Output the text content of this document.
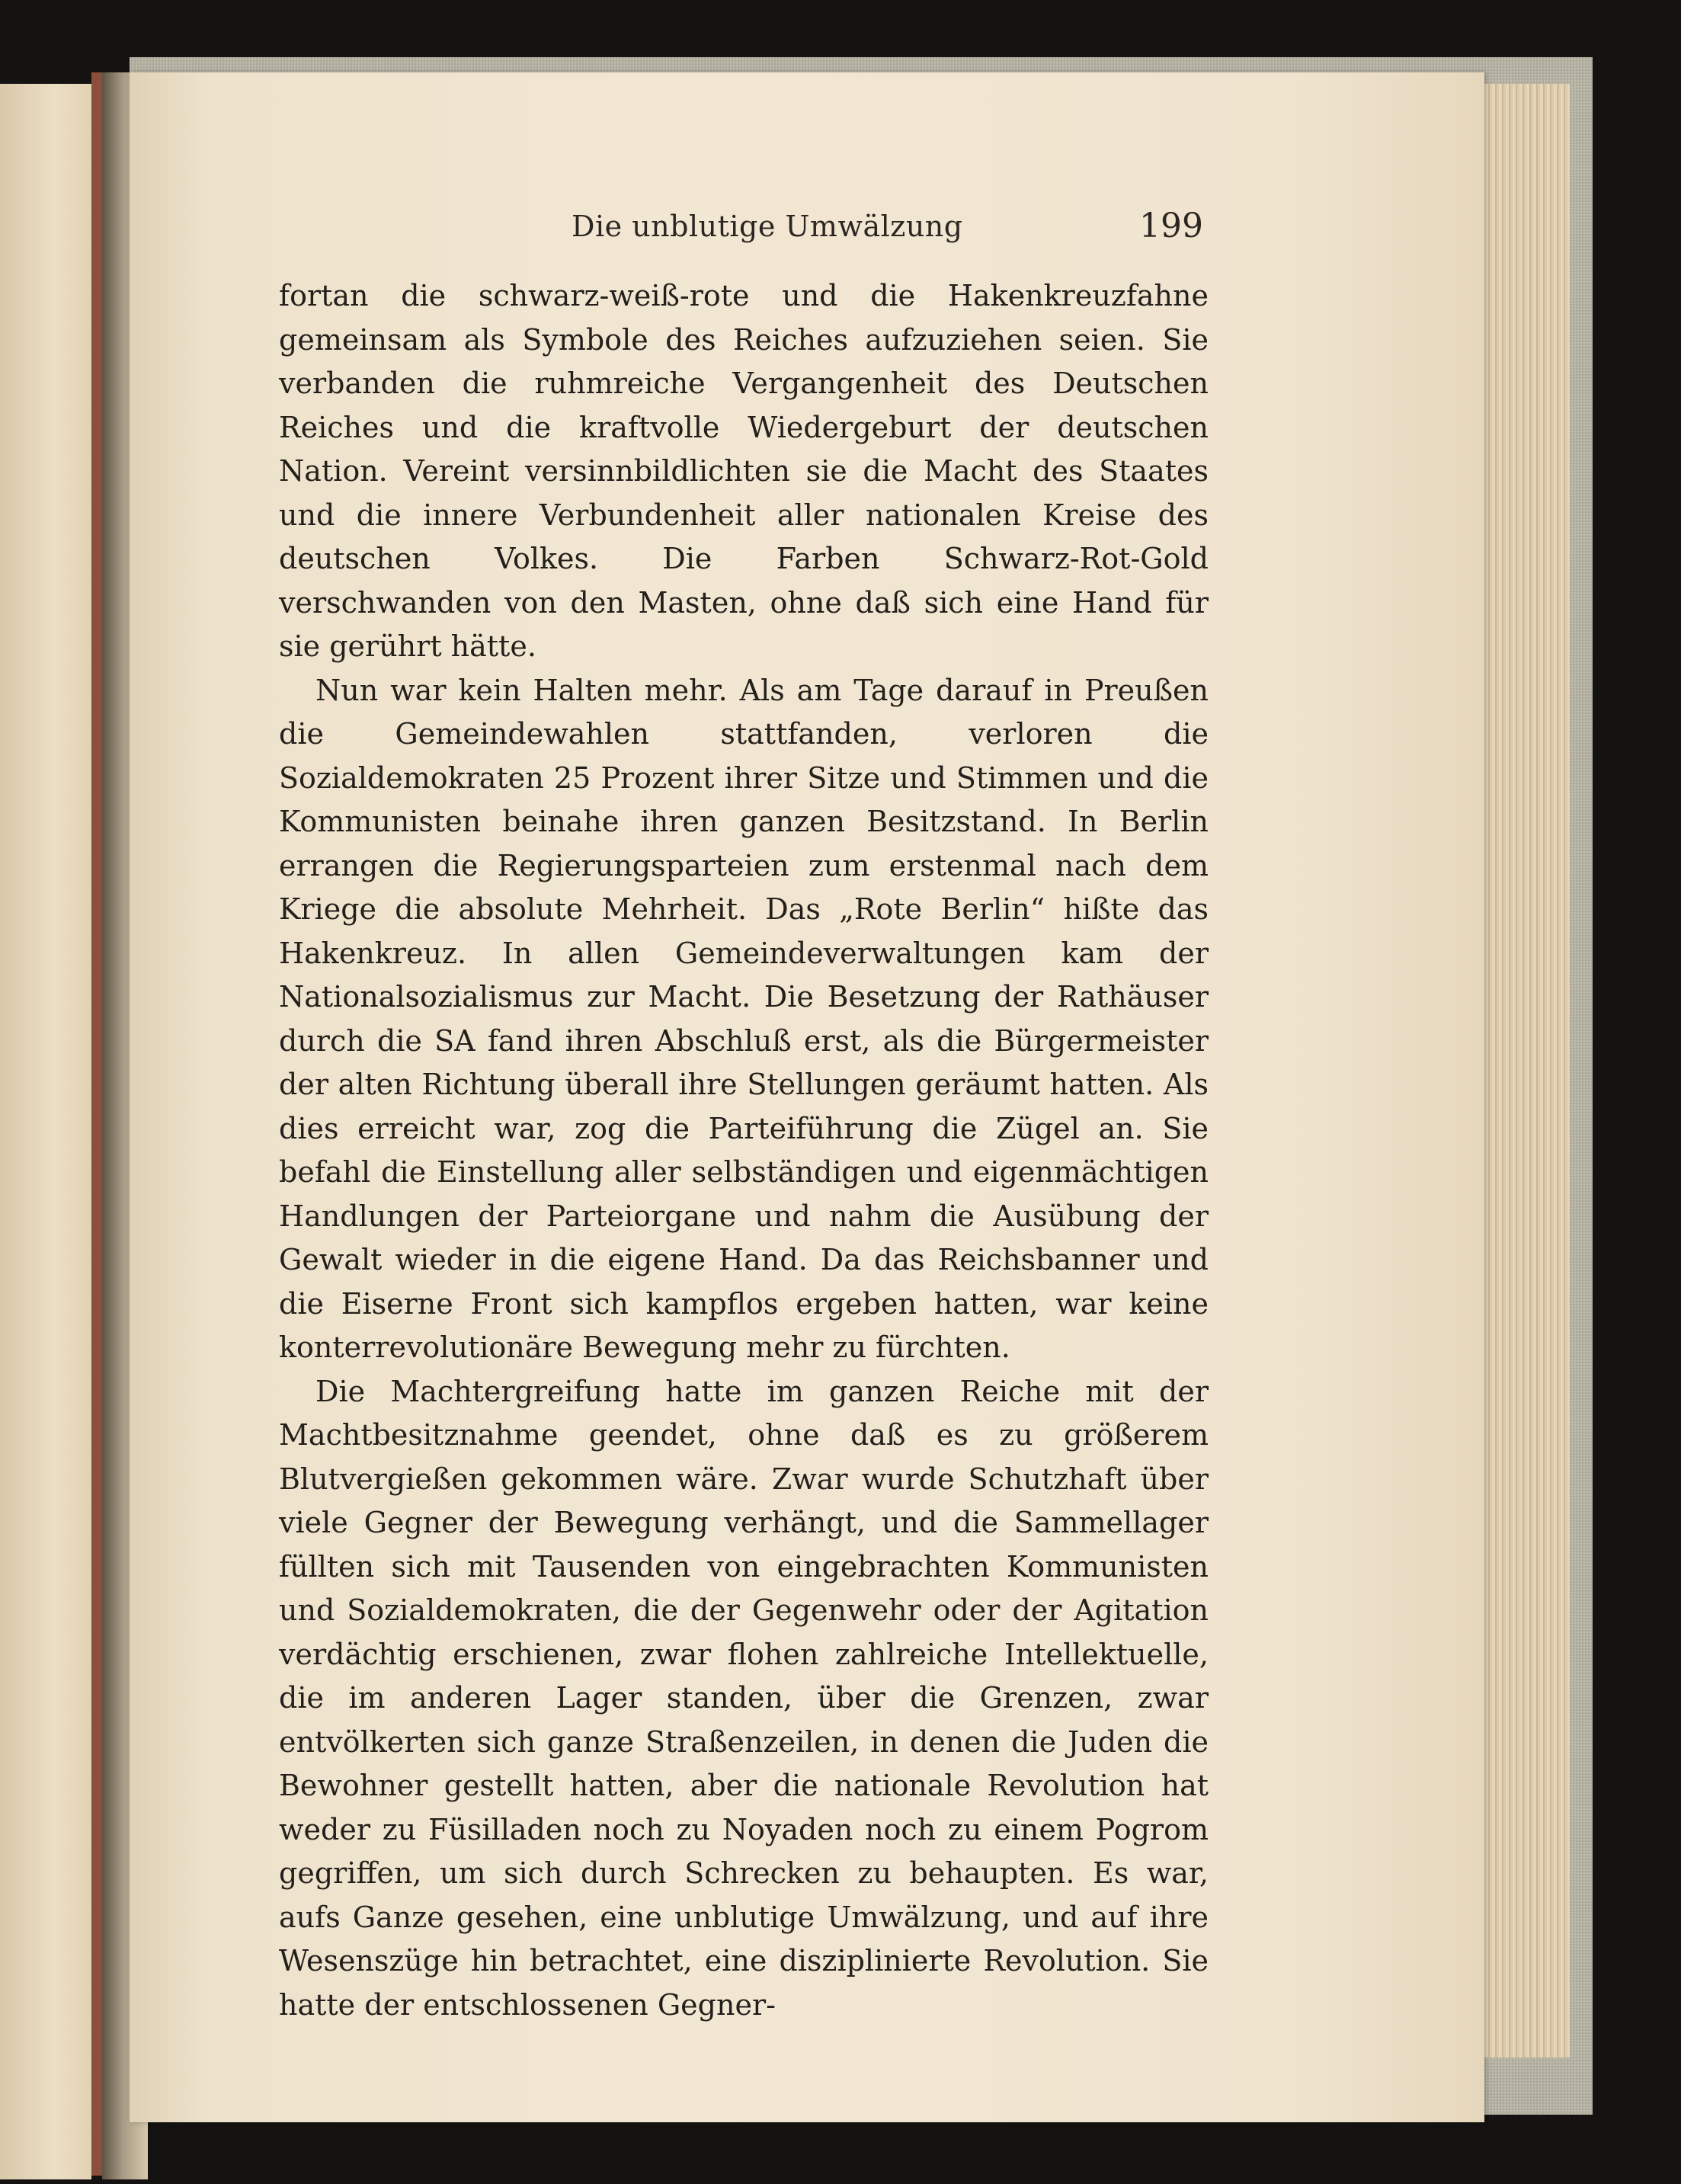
Die unblutige Umwälzung	199

fortan die schwarz-weiß-rote und die Hakenkreuzfahne gemeinsam als Symbole des Reiches aufzuziehen seien. Sie verbanden die ruhmreiche Vergangenheit des Deutschen Reiches und die kraftvolle Wiedergeburt der deutschen Nation. Vereint versinnbildlichten sie die Macht des Staates und die innere Verbundenheit aller nationalen Kreise des deutschen Volkes. Die Farben Schwarz-Rot-Gold verschwanden von den Masten, ohne daß sich eine Hand für sie gerührt hätte.

Nun war kein Halten mehr. Als am Tage darauf in Preußen die Gemeindewahlen stattfanden, verloren die Sozialdemokraten 25 Prozent ihrer Sitze und Stimmen und die Kommunisten beinahe ihren ganzen Besitzstand. In Berlin errangen die Regierungsparteien zum erstenmal nach dem Kriege die absolute Mehrheit. Das „Rote Berlin“ hißte das Hakenkreuz. In allen Gemeindeverwaltungen kam der Nationalsozialismus zur Macht. Die Besetzung der Rathäuser durch die SA fand ihren Abschluß erst, als die Bürgermeister der alten Richtung überall ihre Stellungen geräumt hatten. Als dies erreicht war, zog die Parteiführung die Zügel an. Sie befahl die Einstellung aller selbständigen und eigenmächtigen Handlungen der Parteiorgane und nahm die Ausübung der Gewalt wieder in die eigene Hand. Da das Reichsbanner und die Eiserne Front sich kampflos ergeben hatten, war keine konterrevolutionäre Bewegung mehr zu fürchten.

Die Machtergreifung hatte im ganzen Reiche mit der Machtbesitznahme geendet, ohne daß es zu größerem Blutvergießen gekommen wäre. Zwar wurde Schutzhaft über viele Gegner der Bewegung verhängt, und die Sammellager füllten sich mit Tausenden von eingebrachten Kommunisten und Sozialdemokraten, die der Gegenwehr oder der Agitation verdächtig erschienen, zwar flohen zahlreiche Intellektuelle, die im anderen Lager standen, über die Grenzen, zwar entvölkerten sich ganze Straßenzeilen, in denen die Juden die Bewohner gestellt hatten, aber die nationale Revolution hat weder zu Füsilladen noch zu Noyaden noch zu einem Pogrom gegriffen, um sich durch Schrecken zu behaupten. Es war, aufs Ganze gesehen, eine unblutige Umwälzung, und auf ihre Wesenszüge hin betrachtet, eine disziplinierte Revolution. Sie hatte der entschlossenen Gegner-
